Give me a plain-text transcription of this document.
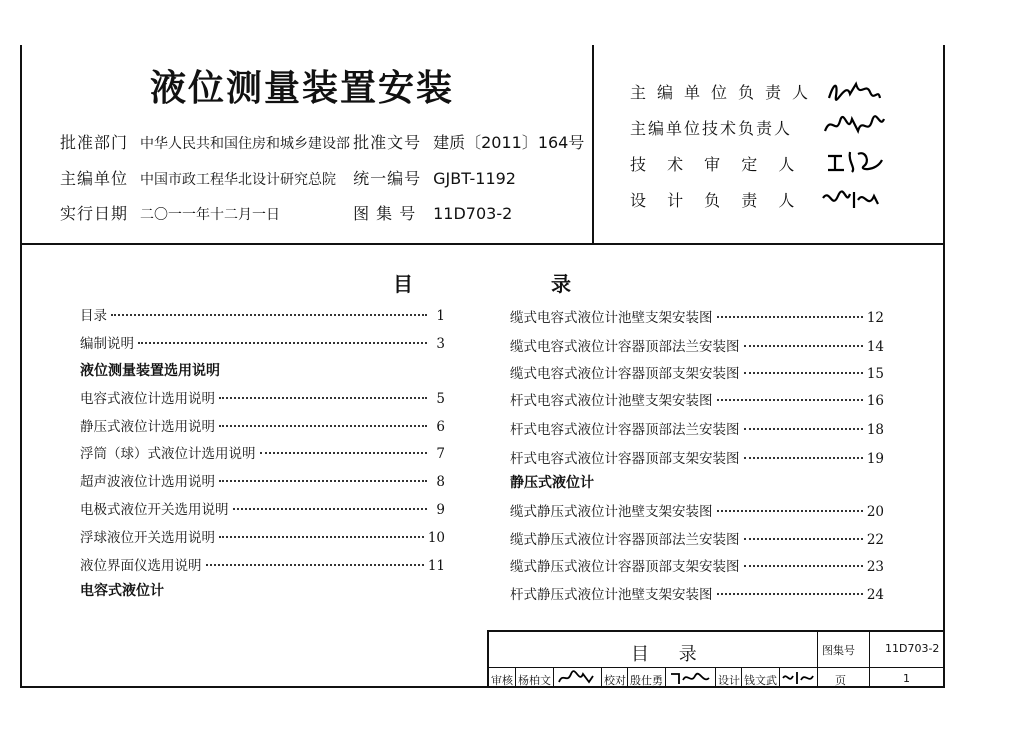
液位测量装置安装
批准部门 中华人民共和国住房和城乡建设部 批准文号 建质〔2011〕164号
主编单位 中国市政工程华北设计研究总院 统一编号 GJBT-1192
实行日期 二〇一一年十二月一日	图 集 号 11D703-2
主编单位负责人
主编单位技术负责人
技 术 审 定 人
设 计 负 责 人
目	录
目录	1
编制说明	3
液位测量装置选用说明
电容式液位计选用说明	5
静压式液位计选用说明	6
浮筒（球）式液位计选用说明	7
超声波液位计选用说明	8
电极式液位开关选用说明	9
浮球液位开关选用说明	10
液位界面仪选用说明	11
电容式液位计
缆式电容式液位计池壁支架安装图	12
缆式电容式液位计容器顶部法兰安装图	14
缆式电容式液位计容器顶部支架安装图	15
杆式电容式液位计池壁支架安装图	16
杆式电容式液位计容器顶部法兰安装图	18
杆式电容式液位计容器顶部支架安装图	19
静压式液位计
缆式静压式液位计池壁支架安装图	20
缆式静压式液位计容器顶部法兰安装图	22
缆式静压式液位计容器顶部支架安装图	23
杆式静压式液位计池壁支架安装图	24
目 录	图集号	11D703-2
页	1
审核 杨柏文	校对 殷仕勇	设计 钱文武
